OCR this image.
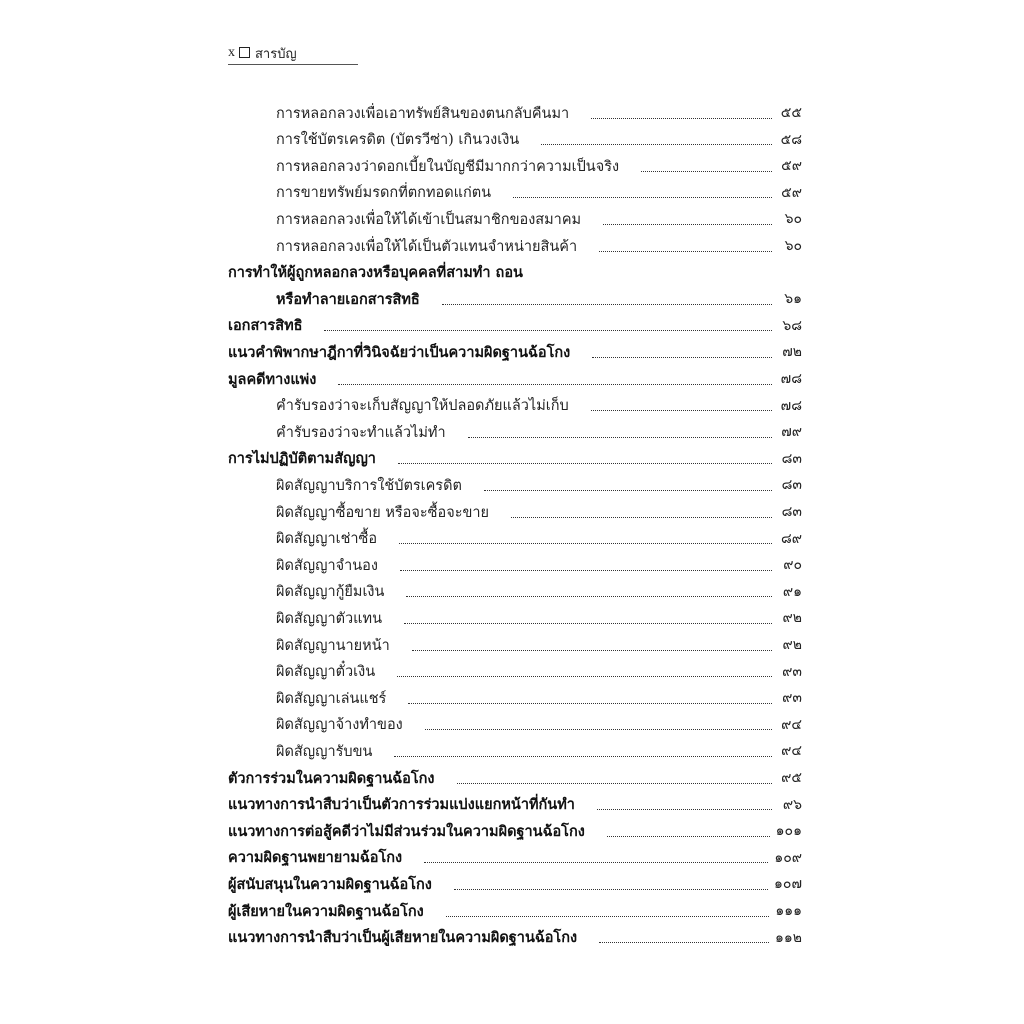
x สารบัญ
การหลอกลวงเพื่อเอาทรัพย์สินของตนกลับคืนมา	๕๕
การใช้บัตรเครดิต (บัตรวีซ่า) เกินวงเงิน	๕๘
การหลอกลวงว่าดอกเบี้ยในบัญชีมีมากกว่าความเป็นจริง	๕๙
การขายทรัพย์มรดกที่ตกทอดแก่ตน	๕๙
การหลอกลวงเพื่อให้ได้เข้าเป็นสมาชิกของสมาคม	๖๐
การหลอกลวงเพื่อให้ได้เป็นตัวแทนจำหน่ายสินค้า	๖๐
การทำให้ผู้ถูกหลอกลวงหรือบุคคลที่สามทำ ถอน
หรือทำลายเอกสารสิทธิ	๖๑
เอกสารสิทธิ	๖๘
แนวคำพิพากษาฎีกาที่วินิจฉัยว่าเป็นความผิดฐานฉ้อโกง	๗๒
มูลคดีทางแพ่ง	๗๘
คำรับรองว่าจะเก็บสัญญาให้ปลอดภัยแล้วไม่เก็บ	๗๘
คำรับรองว่าจะทำแล้วไม่ทำ	๗๙
การไม่ปฏิบัติตามสัญญา	๘๓
ผิดสัญญาบริการใช้บัตรเครดิต	๘๓
ผิดสัญญาซื้อขาย หรือจะซื้อจะขาย	๘๓
ผิดสัญญาเช่าซื้อ	๘๙
ผิดสัญญาจำนอง	๙๐
ผิดสัญญากู้ยืมเงิน	๙๑
ผิดสัญญาตัวแทน	๙๒
ผิดสัญญานายหน้า	๙๒
ผิดสัญญาตั๋วเงิน	๙๓
ผิดสัญญาเล่นแชร์	๙๓
ผิดสัญญาจ้างทำของ	๙๔
ผิดสัญญารับขน	๙๔
ตัวการร่วมในความผิดฐานฉ้อโกง	๙๕
แนวทางการนำสืบว่าเป็นตัวการร่วมแบ่งแยกหน้าที่กันทำ	๙๖
แนวทางการต่อสู้คดีว่าไม่มีส่วนร่วมในความผิดฐานฉ้อโกง	๑๐๑
ความผิดฐานพยายามฉ้อโกง	๑๐๙
ผู้สนับสนุนในความผิดฐานฉ้อโกง	๑๐๗
ผู้เสียหายในความผิดฐานฉ้อโกง	๑๑๑
แนวทางการนำสืบว่าเป็นผู้เสียหายในความผิดฐานฉ้อโกง	๑๑๒
